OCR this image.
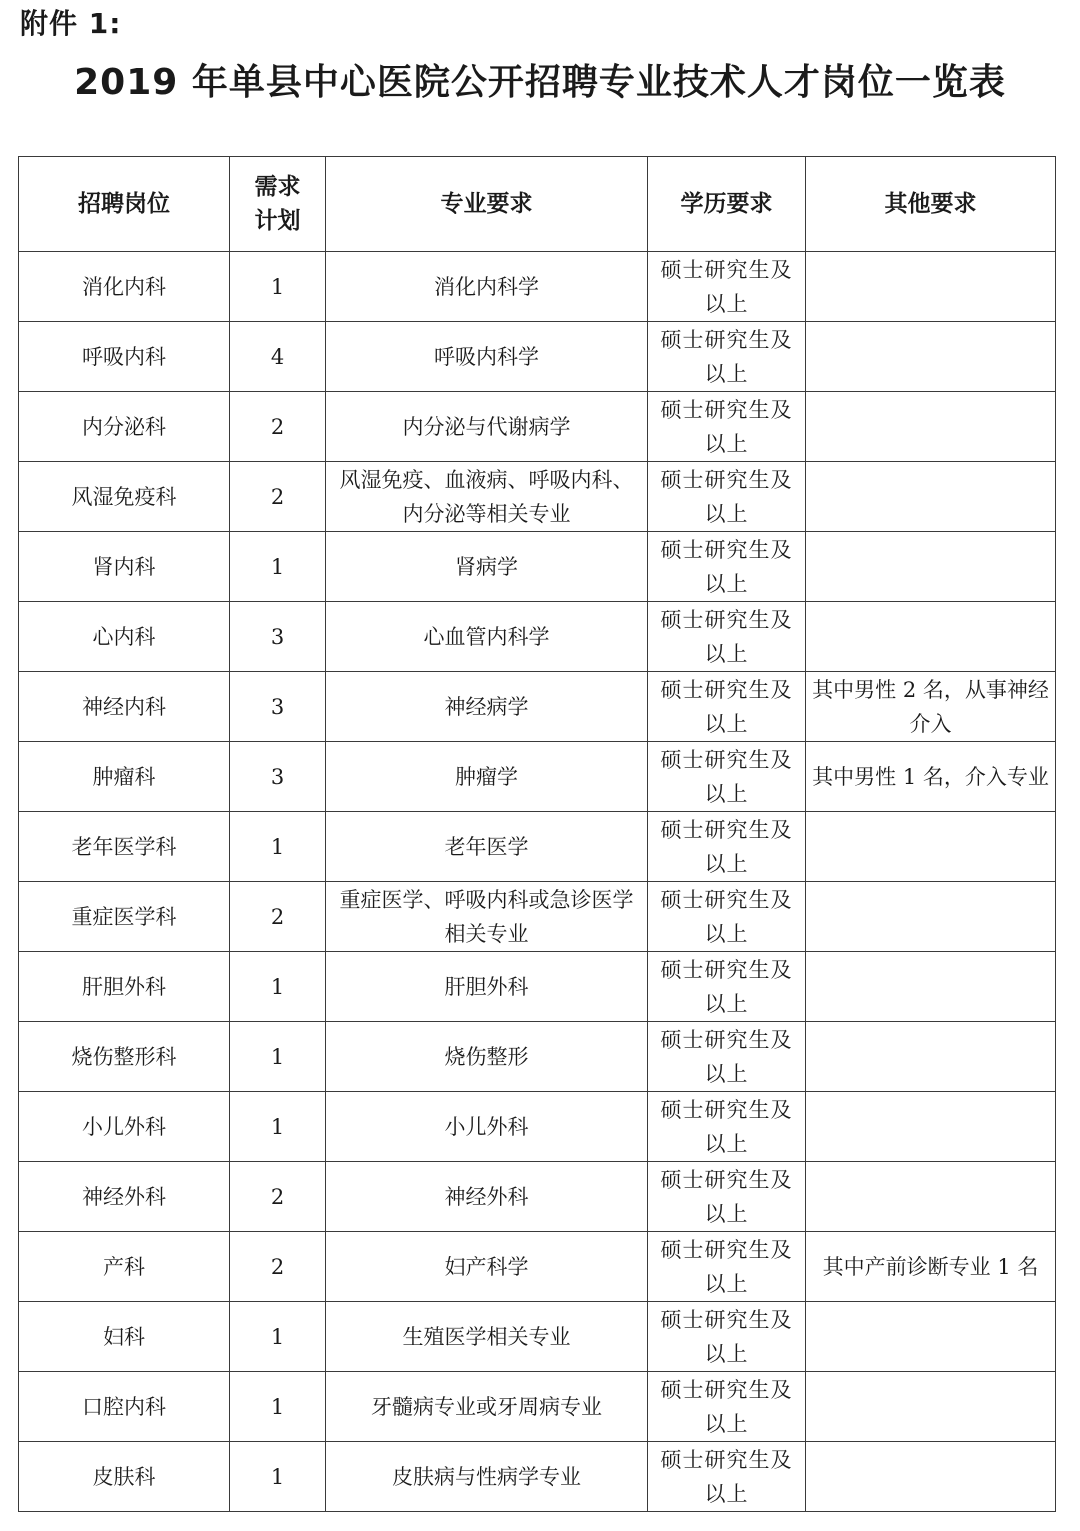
附件 1:
2019 年单县中心医院公开招聘专业技术人才岗位一览表
招聘岗位	需求计划	专业要求	学历要求	其他要求
消化内科	1	消化内科学	硕士研究生及以上	

呼吸内科	4	呼吸内科学	硕士研究生及以上	

内分泌科	2	内分泌与代谢病学	硕士研究生及以上	

风湿免疫科	2	风湿免疫、血液病、呼吸内科、内分泌等相关专业	硕士研究生及以上	

肾内科	1	肾病学	硕士研究生及以上	

心内科	3	心血管内科学	硕士研究生及以上	

神经内科	3	神经病学	硕士研究生及以上	其中男性 2 名，从事神经介入
肿瘤科	3	肿瘤学	硕士研究生及以上	其中男性 1 名，介入专业
老年医学科	1	老年医学	硕士研究生及以上	

重症医学科	2	重症医学、呼吸内科或急诊医学相关专业	硕士研究生及以上	

肝胆外科	1	肝胆外科	硕士研究生及以上	

烧伤整形科	1	烧伤整形	硕士研究生及以上	

小儿外科	1	小儿外科	硕士研究生及以上	

神经外科	2	神经外科	硕士研究生及以上	

产科	2	妇产科学	硕士研究生及以上	其中产前诊断专业 1 名
妇科	1	生殖医学相关专业	硕士研究生及以上	

口腔内科	1	牙髓病专业或牙周病专业	硕士研究生及以上	

皮肤科	1	皮肤病与性病学专业	硕士研究生及以上	
